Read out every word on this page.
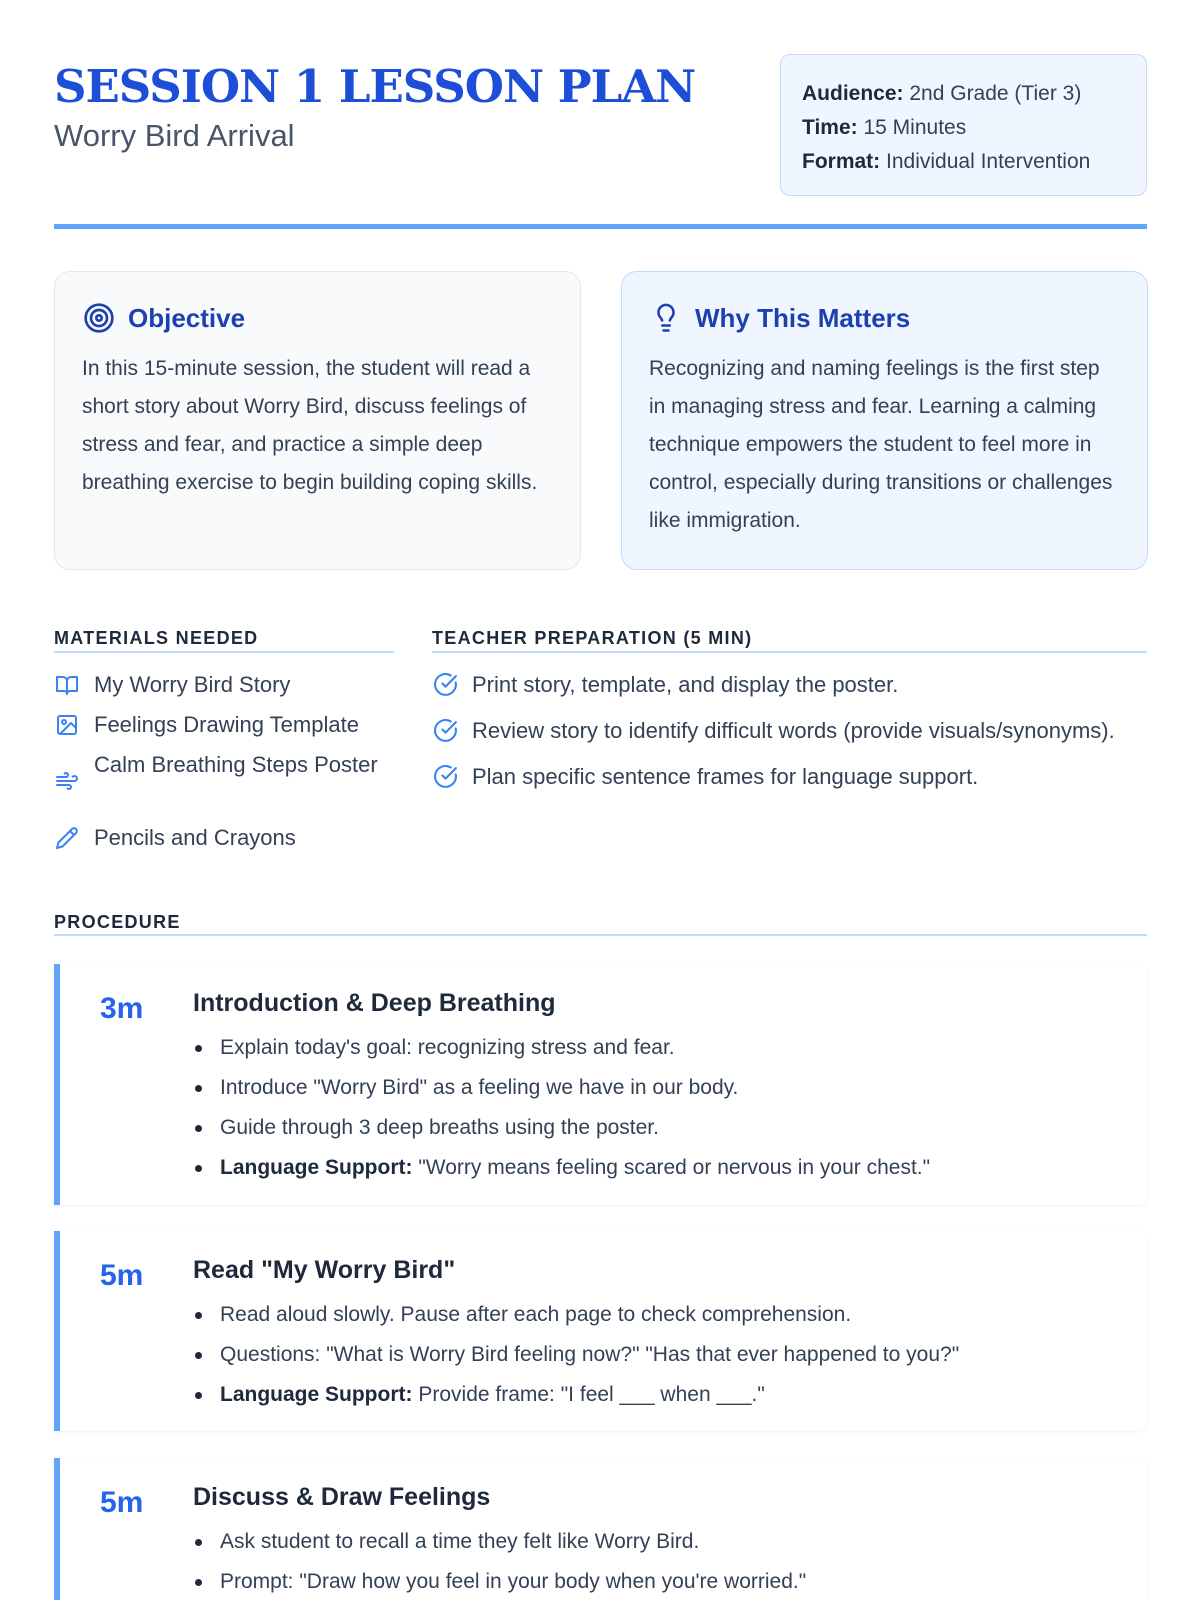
SESSION 1 LESSON PLAN
Worry Bird Arrival
Audience: 2nd Grade (Tier 3)
Time: 15 Minutes
Format: Individual Intervention
Objective

In this 15-minute session, the student will read a short story about Worry Bird, discuss feelings of stress and fear, and practice a simple deep breathing exercise to begin building coping skills.

Why This Matters

Recognizing and naming feelings is the first step in managing stress and fear. Learning a calming technique empowers the student to feel more in control, especially during transitions or challenges like immigration.

MATERIALS NEEDED
My Worry Bird Story
Feelings Drawing Template
Calm Breathing Steps Poster
Pencils and Crayons
TEACHER PREPARATION (5 MIN)
Print story, template, and display the poster.
Review story to identify difficult words (provide visuals/synonyms).
Plan specific sentence frames for language support.
PROCEDURE
3m Introduction & Deep Breathing
Explain today's goal: recognizing stress and fear.
Introduce "Worry Bird" as a feeling we have in our body.
Guide through 3 deep breaths using the poster.
Language Support: "Worry means feeling scared or nervous in your chest."
5m Read "My Worry Bird"
Read aloud slowly. Pause after each page to check comprehension.
Questions: "What is Worry Bird feeling now?" "Has that ever happened to you?"
Language Support: Provide frame: "I feel ___ when ___."
5m Discuss & Draw Feelings
Ask student to recall a time they felt like Worry Bird.
Prompt: "Draw how you feel in your body when you're worried."
